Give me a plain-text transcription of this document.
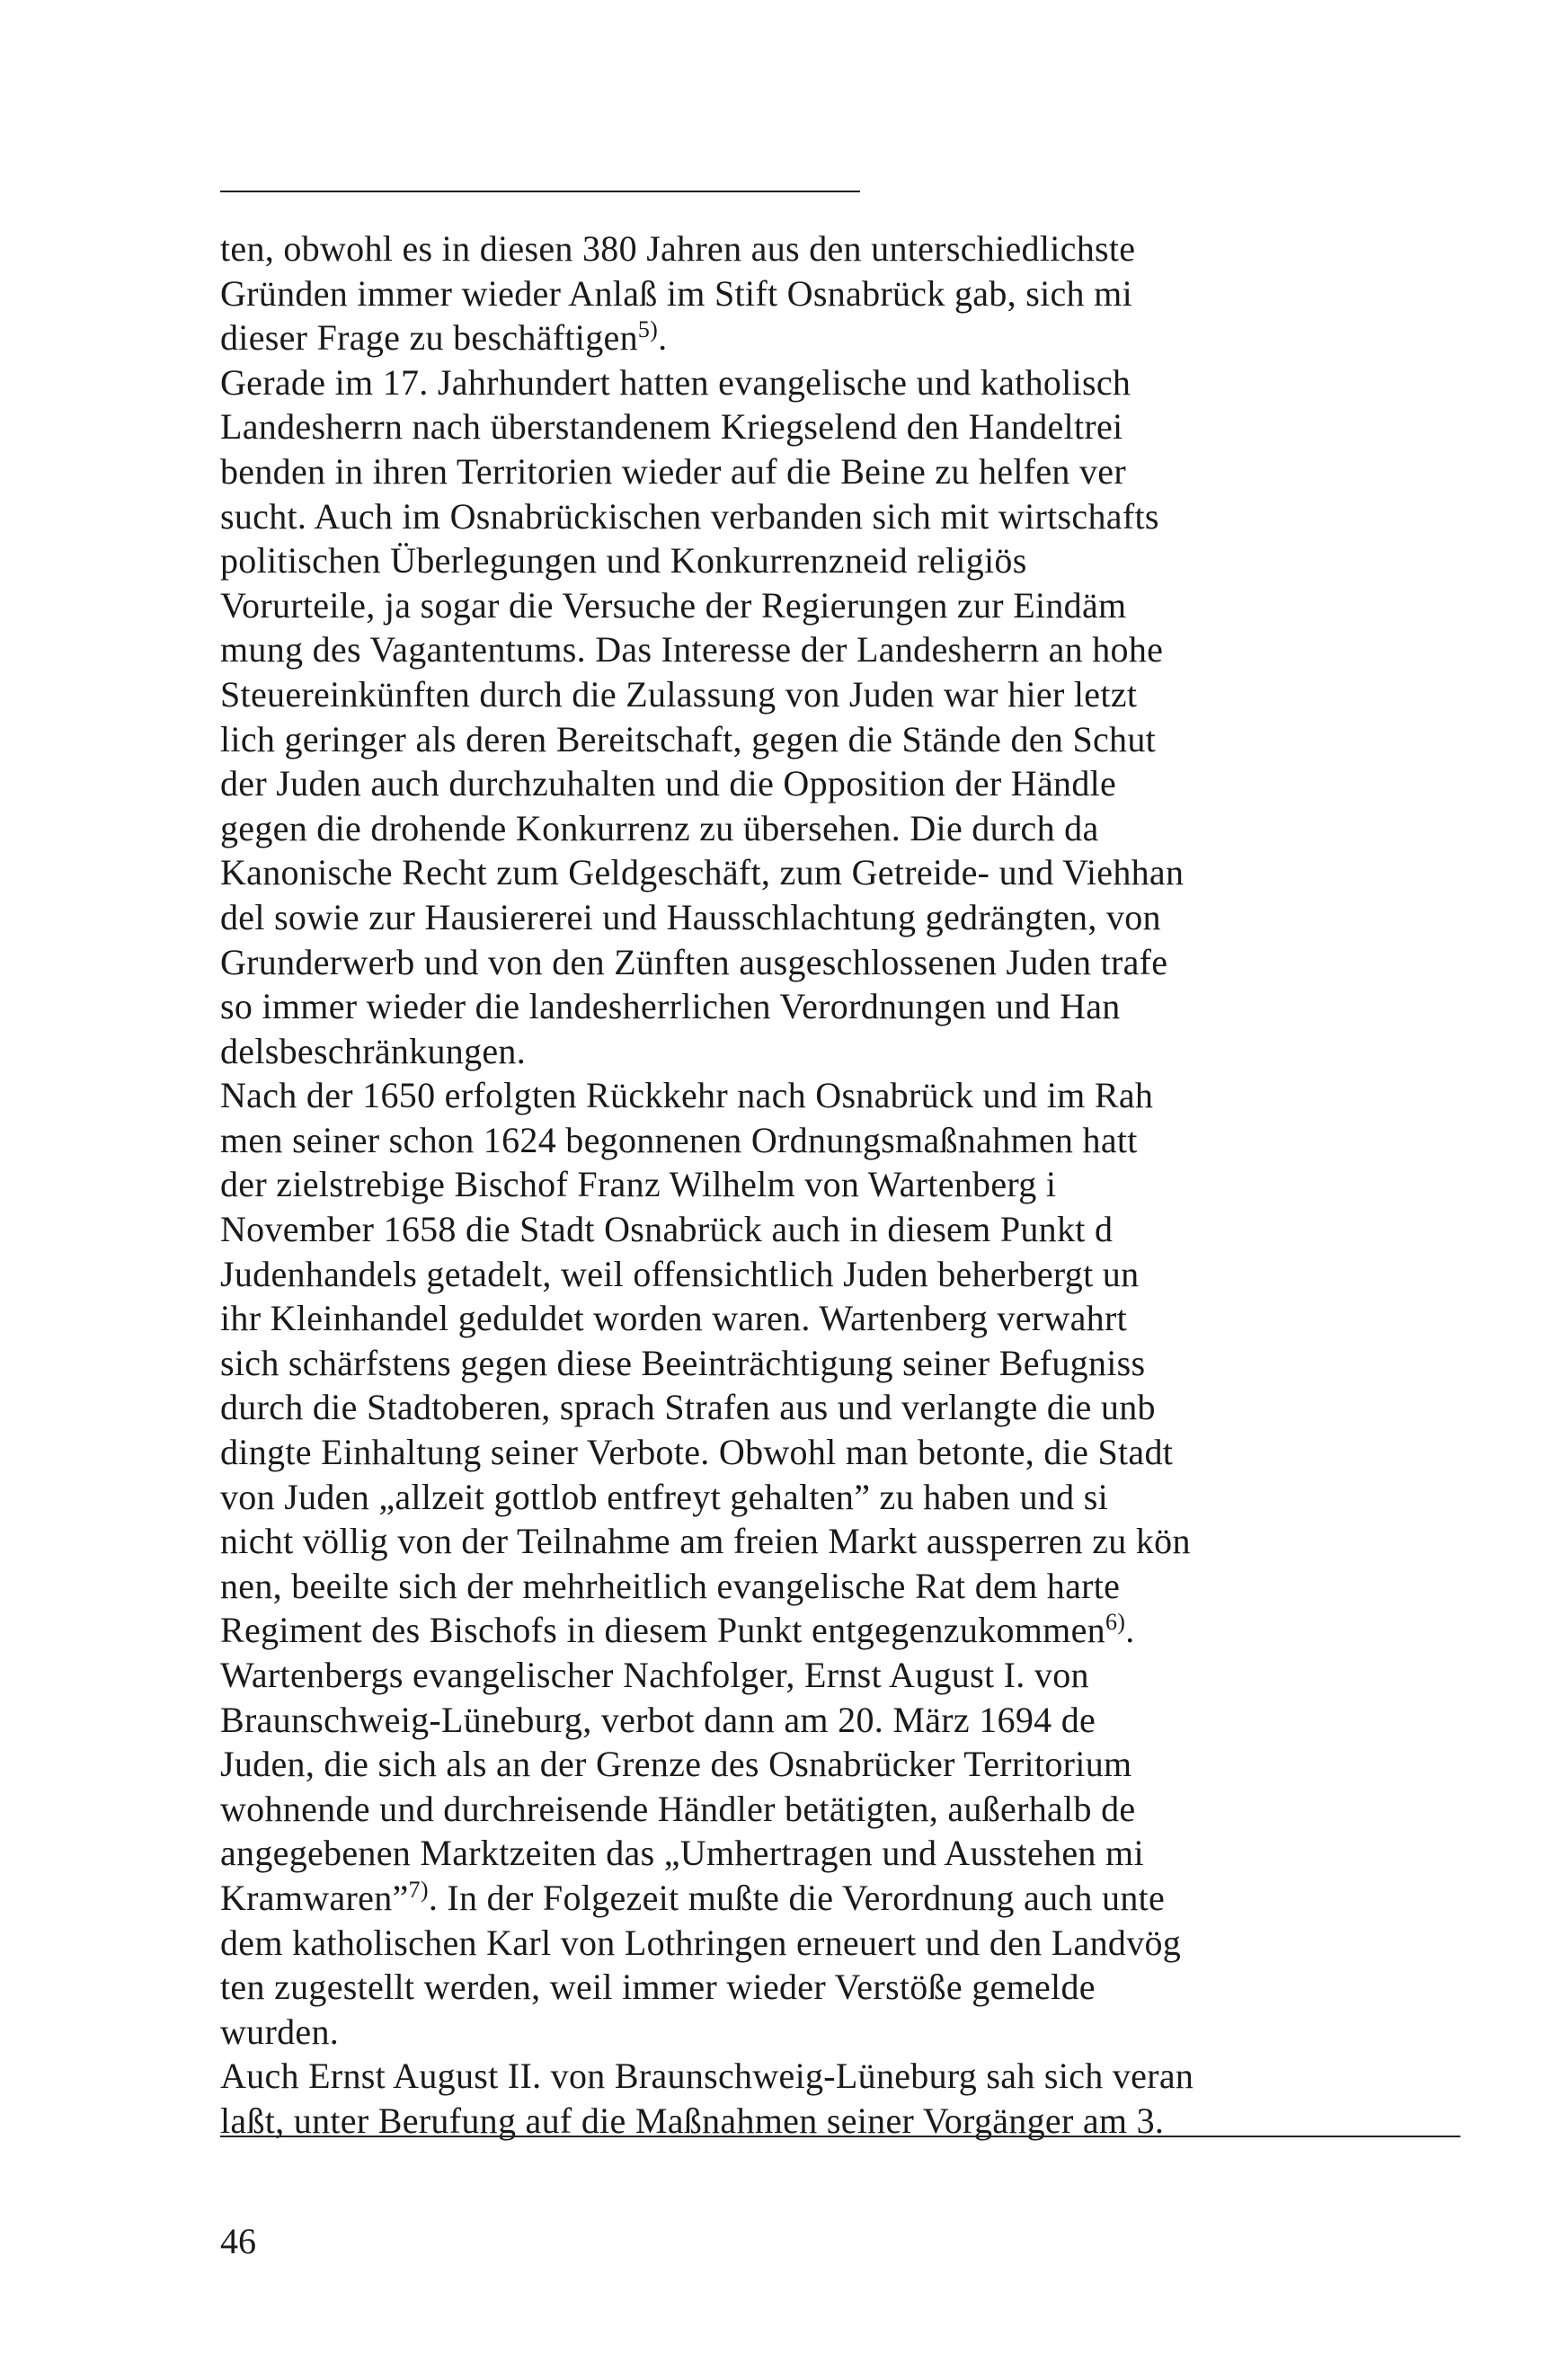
ten, obwohl es in diesen 380 Jahren aus den unterschiedlichste
Gründen immer wieder Anlaß im Stift Osnabrück gab, sich mi
dieser Frage zu beschäftigen$^{5)}$.
Gerade im 17. Jahrhundert hatten evangelische und katholisch
Landesherrn nach überstandenem Kriegselend den Handeltrei
benden in ihren Territorien wieder auf die Beine zu helfen ver
sucht. Auch im Osnabrückischen verbanden sich mit wirtschafts
politischen Überlegungen und Konkurrenzneid religiös
Vorurteile, ja sogar die Versuche der Regierungen zur Eindäm
mung des Vagantentums. Das Interesse der Landesherrn an hohe
Steuereinkünften durch die Zulassung von Juden war hier letzt
lich geringer als deren Bereitschaft, gegen die Stände den Schut
der Juden auch durchzuhalten und die Opposition der Händle
gegen die drohende Konkurrenz zu übersehen. Die durch da
Kanonische Recht zum Geldgeschäft, zum Getreide- und Viehhan
del sowie zur Hausiererei und Hausschlachtung gedrängten, von
Grunderwerb und von den Zünften ausgeschlossenen Juden trafe
so immer wieder die landesherrlichen Verordnungen und Han
delsbeschränkungen.
Nach der 1650 erfolgten Rückkehr nach Osnabrück und im Rah
men seiner schon 1624 begonnenen Ordnungsmaßnahmen hatt
der zielstrebige Bischof Franz Wilhelm von Wartenberg i
November 1658 die Stadt Osnabrück auch in diesem Punkt d
Judenhandels getadelt, weil offensichtlich Juden beherbergt un
ihr Kleinhandel geduldet worden waren. Wartenberg verwahrt
sich schärfstens gegen diese Beeinträchtigung seiner Befugniss
durch die Stadtoberen, sprach Strafen aus und verlangte die unb
dingte Einhaltung seiner Verbote. Obwohl man betonte, die Stadt
von Juden „allzeit gottlob entfreyt gehalten” zu haben und si
nicht völlig von der Teilnahme am freien Markt aussperren zu kön
nen, beeilte sich der mehrheitlich evangelische Rat dem harte
Regiment des Bischofs in diesem Punkt entgegenzukommen$^{6)}$.
Wartenbergs evangelischer Nachfolger, Ernst August I. von
Braunschweig-Lüneburg, verbot dann am 20. März 1694 de
Juden, die sich als an der Grenze des Osnabrücker Territorium
wohnende und durchreisende Händler betätigten, außerhalb de
angegebenen Marktzeiten das „Umhertragen und Ausstehen mi
Kramwaren”$^{7)}$. In der Folgezeit mußte die Verordnung auch unte
dem katholischen Karl von Lothringen erneuert und den Landvög
ten zugestellt werden, weil immer wieder Verstöße gemelde
wurden.
Auch Ernst August II. von Braunschweig-Lüneburg sah sich veran
laßt, unter Berufung auf die Maßnahmen seiner Vorgänger am 3.
46
